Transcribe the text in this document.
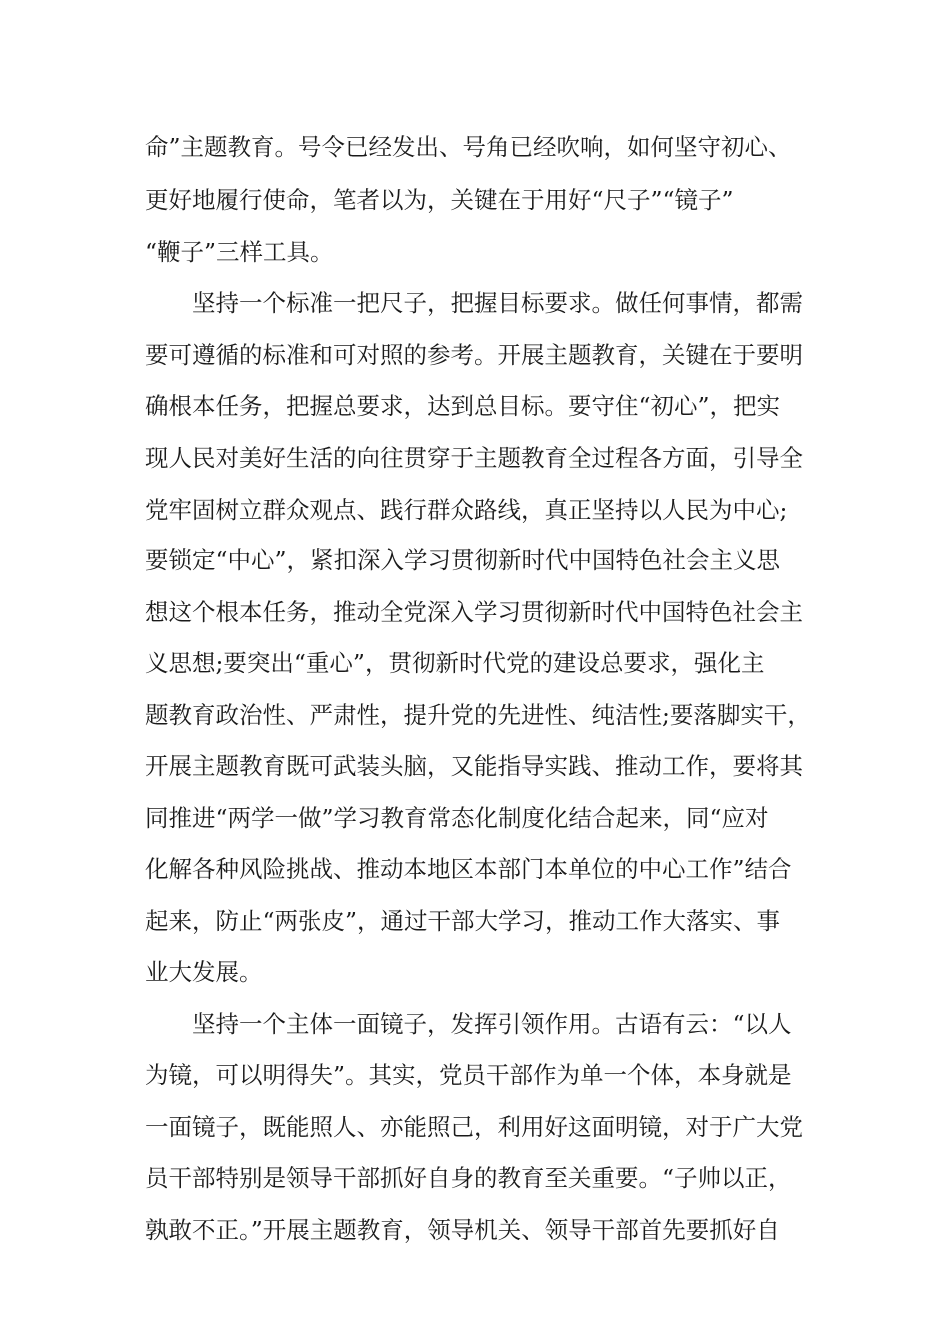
命”主题教育。号令已经发出、号角已经吹响，如何坚守初心、
更好地履行使命，笔者以为，关键在于用好“尺子”“镜子”
“鞭子”三样工具。
坚持一个标准一把尺子，把握目标要求。做任何事情，都需
要可遵循的标准和可对照的参考。开展主题教育，关键在于要明
确根本任务，把握总要求，达到总目标。要守住“初心”，把实
现人民对美好生活的向往贯穿于主题教育全过程各方面，引导全
党牢固树立群众观点、践行群众路线，真正坚持以人民为中心;
要锁定“中心”，紧扣深入学习贯彻新时代中国特色社会主义思
想这个根本任务，推动全党深入学习贯彻新时代中国特色社会主
义思想;要突出“重心”，贯彻新时代党的建设总要求，强化主
题教育政治性、严肃性，提升党的先进性、纯洁性;要落脚实干，
开展主题教育既可武装头脑，又能指导实践、推动工作，要将其
同推进“两学一做”学习教育常态化制度化结合起来，同“应对
化解各种风险挑战、推动本地区本部门本单位的中心工作”结合
起来，防止“两张皮”，通过干部大学习，推动工作大落实、事
业大发展。
坚持一个主体一面镜子，发挥引领作用。古语有云：“以人
为镜，可以明得失”。其实，党员干部作为单一个体，本身就是
一面镜子，既能照人、亦能照己，利用好这面明镜，对于广大党
员干部特别是领导干部抓好自身的教育至关重要。“子帅以正，
孰敢不正。”开展主题教育，领导机关、领导干部首先要抓好自
